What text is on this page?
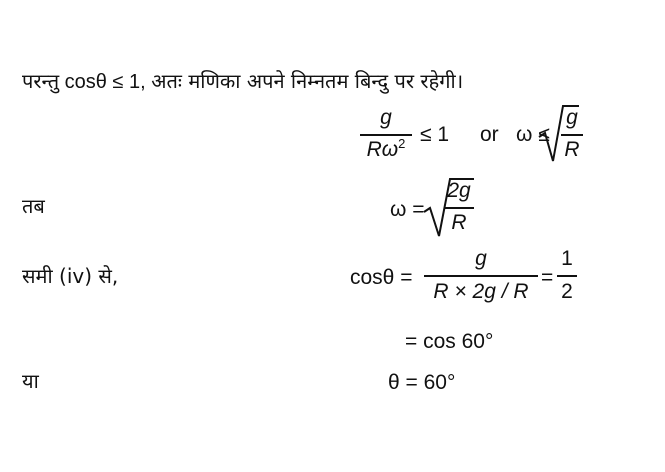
परन्तु cosθ ≤ 1, अतः मणिका अपने निम्नतम बिन्दु पर रहेगी।
g
$R\omega^2 \le 1$ or ω ≤
g
R
तब	ω =
2g
R
समी (iv) से,	cosθ =
g
R × 2g / R
=
1
2
= cos 60°
या	θ = 60°
